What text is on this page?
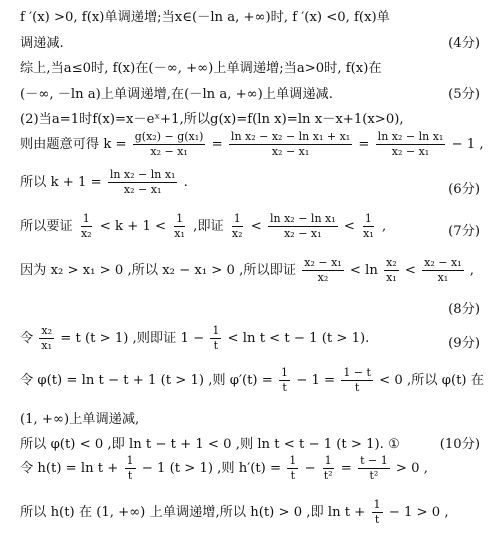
f ′(x) >0, f(x)单调递增;当x∈(－ln a, +∞)时, f ′(x) <0, f(x)单
调递减.	(4分)
综上,当a≤0时, f(x)在(－∞, +∞)上单调递增;当a>0时, f(x)在
(－∞, －ln a)上单调递增,在(－ln a, +∞)上单调递减.	(5分)
(2)当a=1时f(x)=x－eˣ+1,所以g(x)=f(ln x)=ln x－x+1(x>0),
则由题意可得 $k = \frac{\text{g(x₂) − g(x₁)}}{\text{x₂ − x₁}} = \frac{\text{ln x₂ − x₂ − ln x₁ + x₁}}{\text{x₂ − x₁}} = \frac{\text{ln x₂ − ln x₁}}{\text{x₂ − x₁}} - 1$ ,
所以 $k + 1 = \frac{\text{ln x₂ − ln x₁}}{\text{x₂ − x₁}}$ .	(6分)
所以要证 $\frac{1}{\text{x₂}} < k + 1 < \frac{1}{\text{x₁}}$ ,即证 $\frac{1}{\text{x₂}} < \frac{\text{ln x₂ − ln x₁}}{\text{x₂ − x₁}} < \frac{1}{\text{x₁}}$ ,	(7分)
因为 x₂ > x₁ > 0 ,所以 x₂ − x₁ > 0 ,所以即证 $\frac{\text{x₂ − x₁}}{\text{x₂}} < \ln \frac{\text{x₂}}{\text{x₁}} < \frac{\text{x₂ − x₁}}{\text{x₁}}$ ,
(8分)
令 $\frac{\text{x₂}}{\text{x₁}} = t$ (t > 1) ,则即证 $1 - \frac{1}{t} < \ln t < t - 1$ (t > 1).	(9分)
令 φ(t) = ln t − t + 1 (t > 1) ,则 $\varphi'(t) = \frac{1}{t} - 1 = \frac{1 - t}{t} < 0$ ,所以 φ(t) 在
(1, +∞)上单调递减,
所以 φ(t) < 0 ,即 ln t − t + 1 < 0 ,则 ln t < t − 1 (t > 1). ①	(10分)
令 $h(t) = \ln t + \frac{1}{t} - 1$ (t > 1) ,则 $h'(t) = \frac{1}{t} - \frac{1}{\text{t²}} = \frac{t - 1}{\text{t²}} > 0$ ,
所以 h(t) 在 (1, +∞) 上单调递增,所以 h(t) > 0 ,即 $\ln t + \frac{1}{t} - 1 > 0$ ,
